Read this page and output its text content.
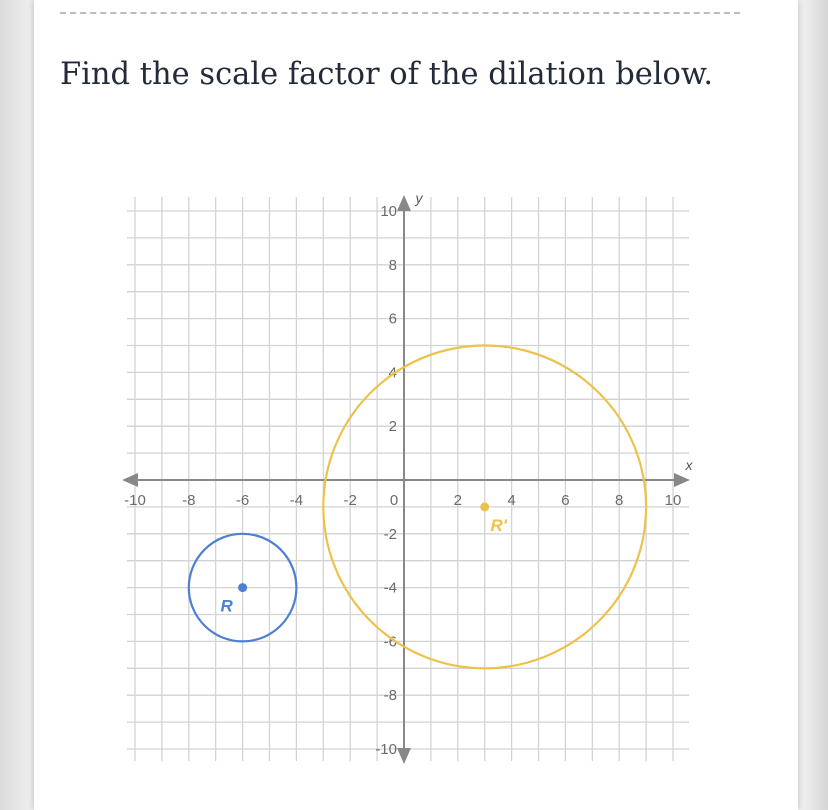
Find the scale factor of the dilation below.
x
y
-10 -8	-6	-4	-2 0	2	4	6	8	10
10
8
6
4
2
-2
-4
-6
-8
-10
R
R'
